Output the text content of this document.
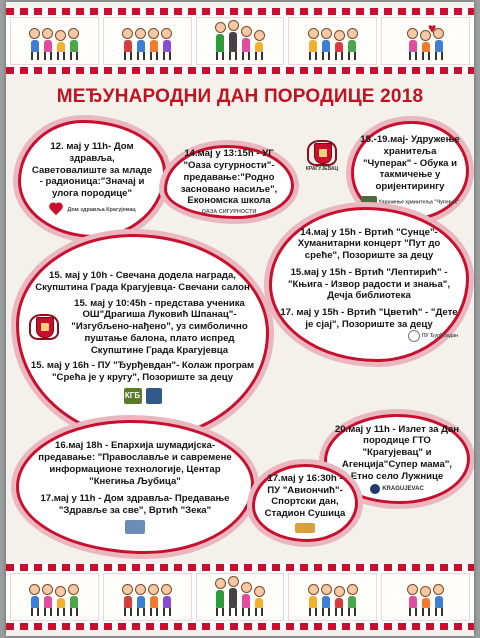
♥
МЕЂУНАРОДНИ ДАН ПОРОДИЦЕ 2018

12. мај у 11h- Дом здравља, Саветовалиште за младе - радионица:"Значај и улога породице"

Дом здравља Крагујевац

14.мај у 13:15h - УГ "Оаза сугурности"- предавање:"Родно засновано насиље", Економска школа

ОАЗА СИГУРНОСТИ
КРАГУЈЕВАЦ

15.-19.мај- Удружење хранитеља "Чуперак" - Обука и такмичење у оријентирингу

Удружење хранитеља "Чуперак"

15. мај у 10h - Свечана додела награда, Скупштина Града Крагујевца- Свечани салон

15. мај у 10:45h - представа ученика ОШ"Драгиша Луковић Шпанац"- "Изгубљено-нађено", уз симболично пуштање балона, плато испред Скупштине Града Крагујевца

15. мај у 16h - ПУ "Ђурђевдан"- Колаж програм "Срећа је у кругу", Позориште за децу

КГБ

14.мај у 15h - Вртић "Сунце"- Хуманитарни концерт "Пут до среће", Позориште за децу

15.мај у 15h - Вртић "Лептирић" - "Књига - Извор радости и знања", Дечја библиотека

17. мај у 15h - Вртић "Цветић" - "Дете је сјај", Позориште за децу

ПУ Ђурђевдан

20.мај у 11h - Излет за Дан породице ГТО "Крагујевац" и Агенција"Супер мама", Етно село Лужнице

KRAGUJEVAC

16.мај 18h - Епархија шумадијска- предавање: "Православље и савремене информационе технологије, Центар "Кнегиња Љубица"

17.мај у 11h - Дом здравља- Предавање "Здравље за све", Вртић "Зека"

17.мај у 16:30h - ПУ "Авиончић"- Спортски дан, Стадион Сушица
